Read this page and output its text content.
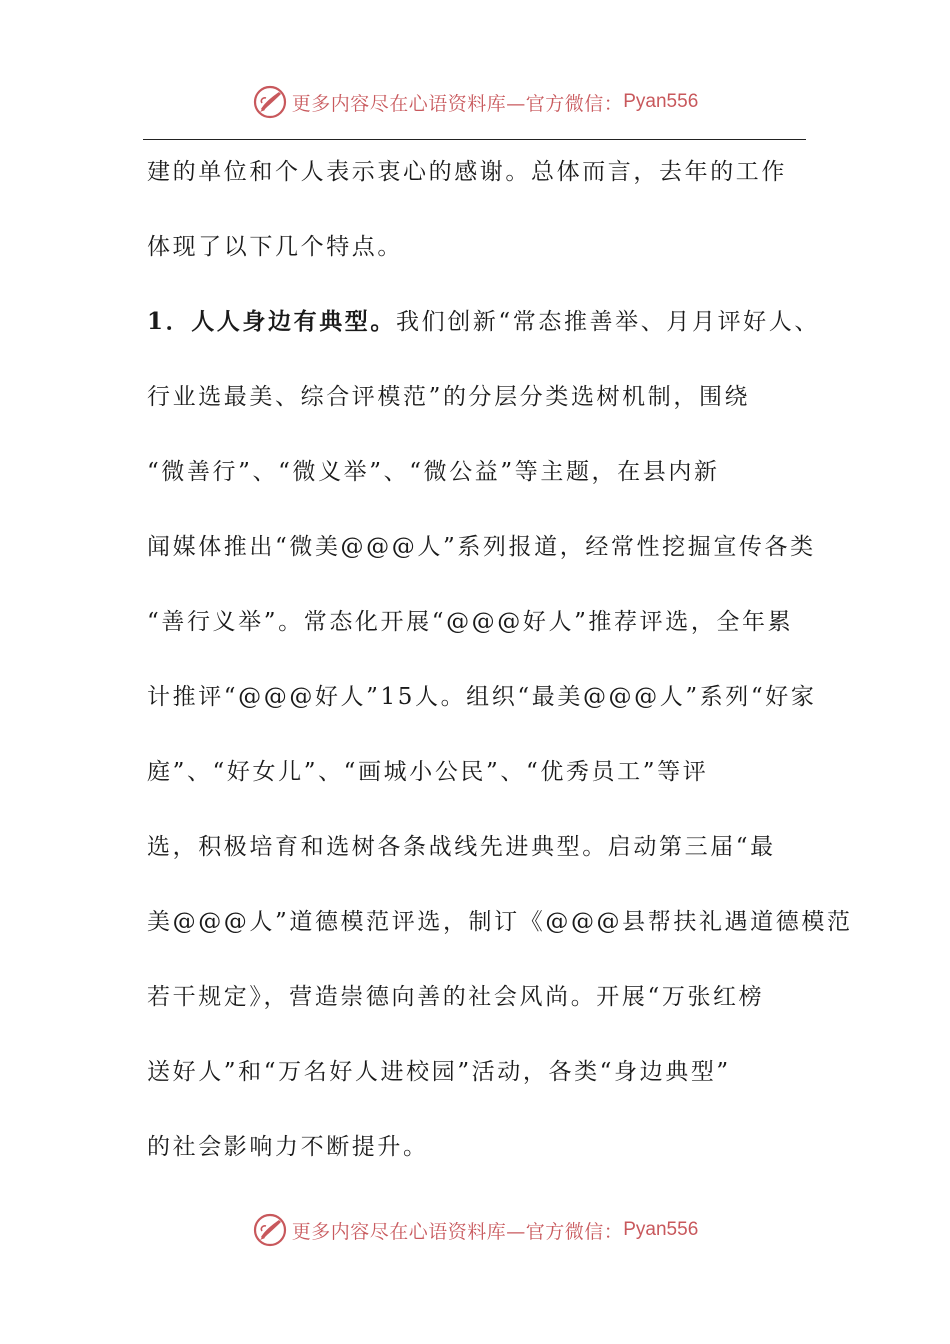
更多内容尽在心语资料库—官方微信： Pyan556
建的单位和个人表示衷心的感谢。总体而言，去年的工作
体现了以下几个特点。
1．人人身边有典型。我们创新“常态推善举、月月评好人、
行业选最美、综合评模范”的分层分类选树机制，围绕
“微善行”、“微义举”、“微公益”等主题，在县内新
闻媒体推出“微美@@@人”系列报道，经常性挖掘宣传各类
“善行义举”。常态化开展“@@@好人”推荐评选，全年累
计推评“@@@好人”15人。组织“最美@@@人”系列“好家
庭”、“好女儿”、“画城小公民”、“优秀员工”等评
选，积极培育和选树各条战线先进典型。启动第三届“最
美@@@人”道德模范评选，制订《@@@县帮扶礼遇道德模范
若干规定》，营造崇德向善的社会风尚。开展“万张红榜
送好人”和“万名好人进校园”活动，各类“身边典型”
的社会影响力不断提升。
更多内容尽在心语资料库—官方微信： Pyan556
